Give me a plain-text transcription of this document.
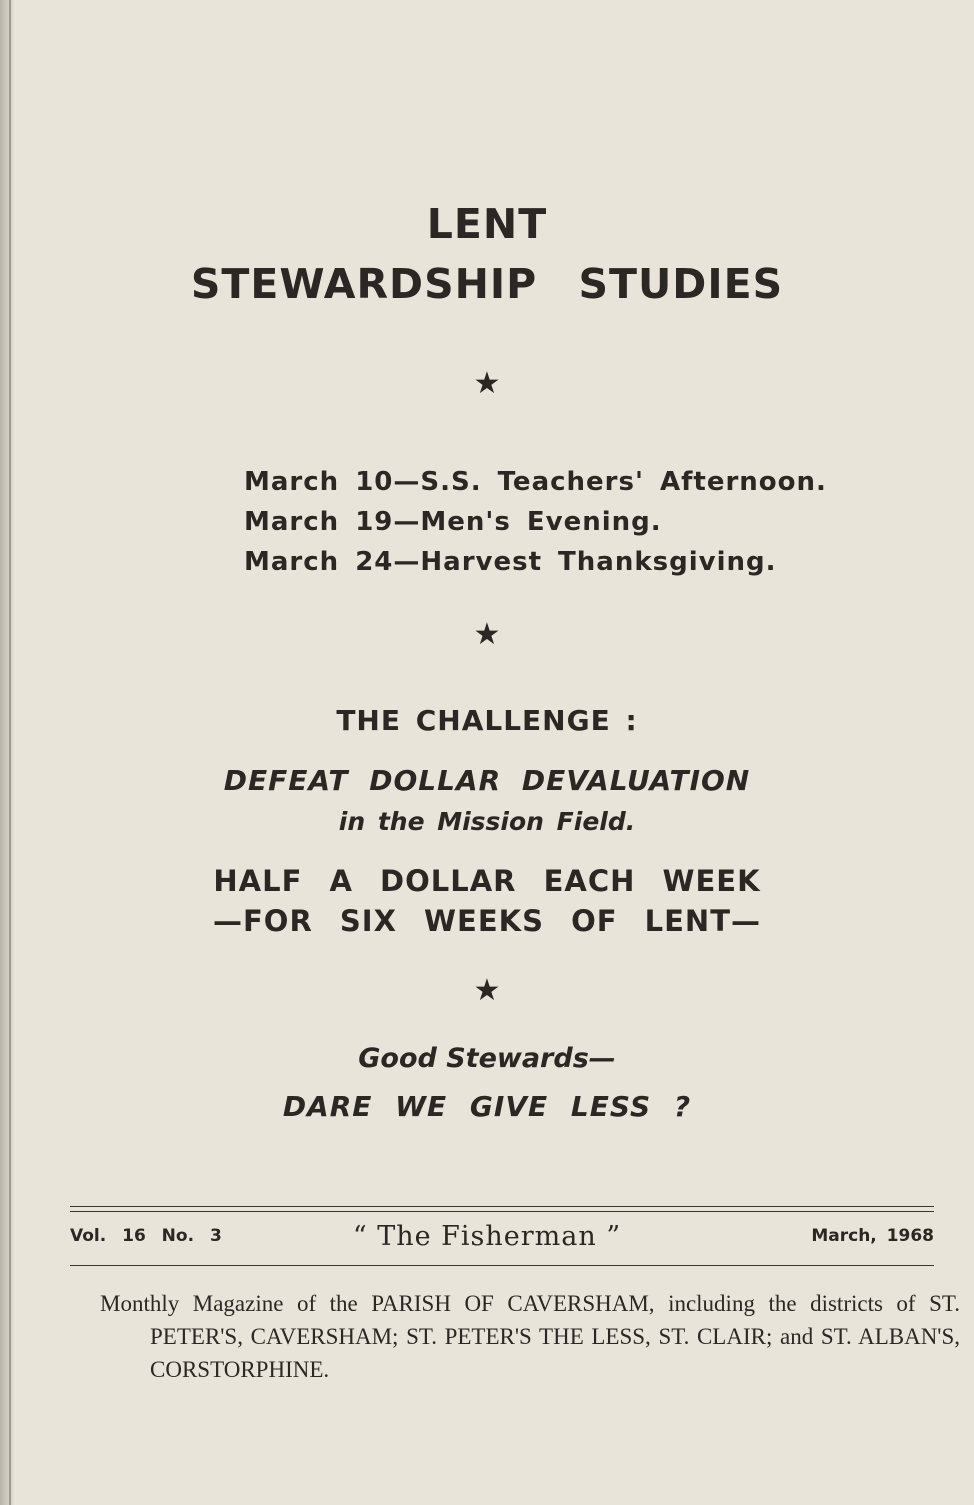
LENT
STEWARDSHIP STUDIES
★
March 10—S.S. Teachers' Afternoon.
March 19—Men's Evening.
March 24—Harvest Thanksgiving.
★
THE CHALLENGE :
DEFEAT DOLLAR DEVALUATION
in the Mission Field.
HALF A DOLLAR EACH WEEK
—FOR SIX WEEKS OF LENT—
★
Good Stewards—
DARE WE GIVE LESS ?
Vol. 16 No. 3	“ The Fisherman ”	March, 1968
Monthly Magazine of the PARISH OF CAVERSHAM, including the districts of ST. PETER'S, CAVERSHAM; ST. PETER'S THE LESS, ST. CLAIR; and ST. ALBAN'S, CORSTORPHINE.
